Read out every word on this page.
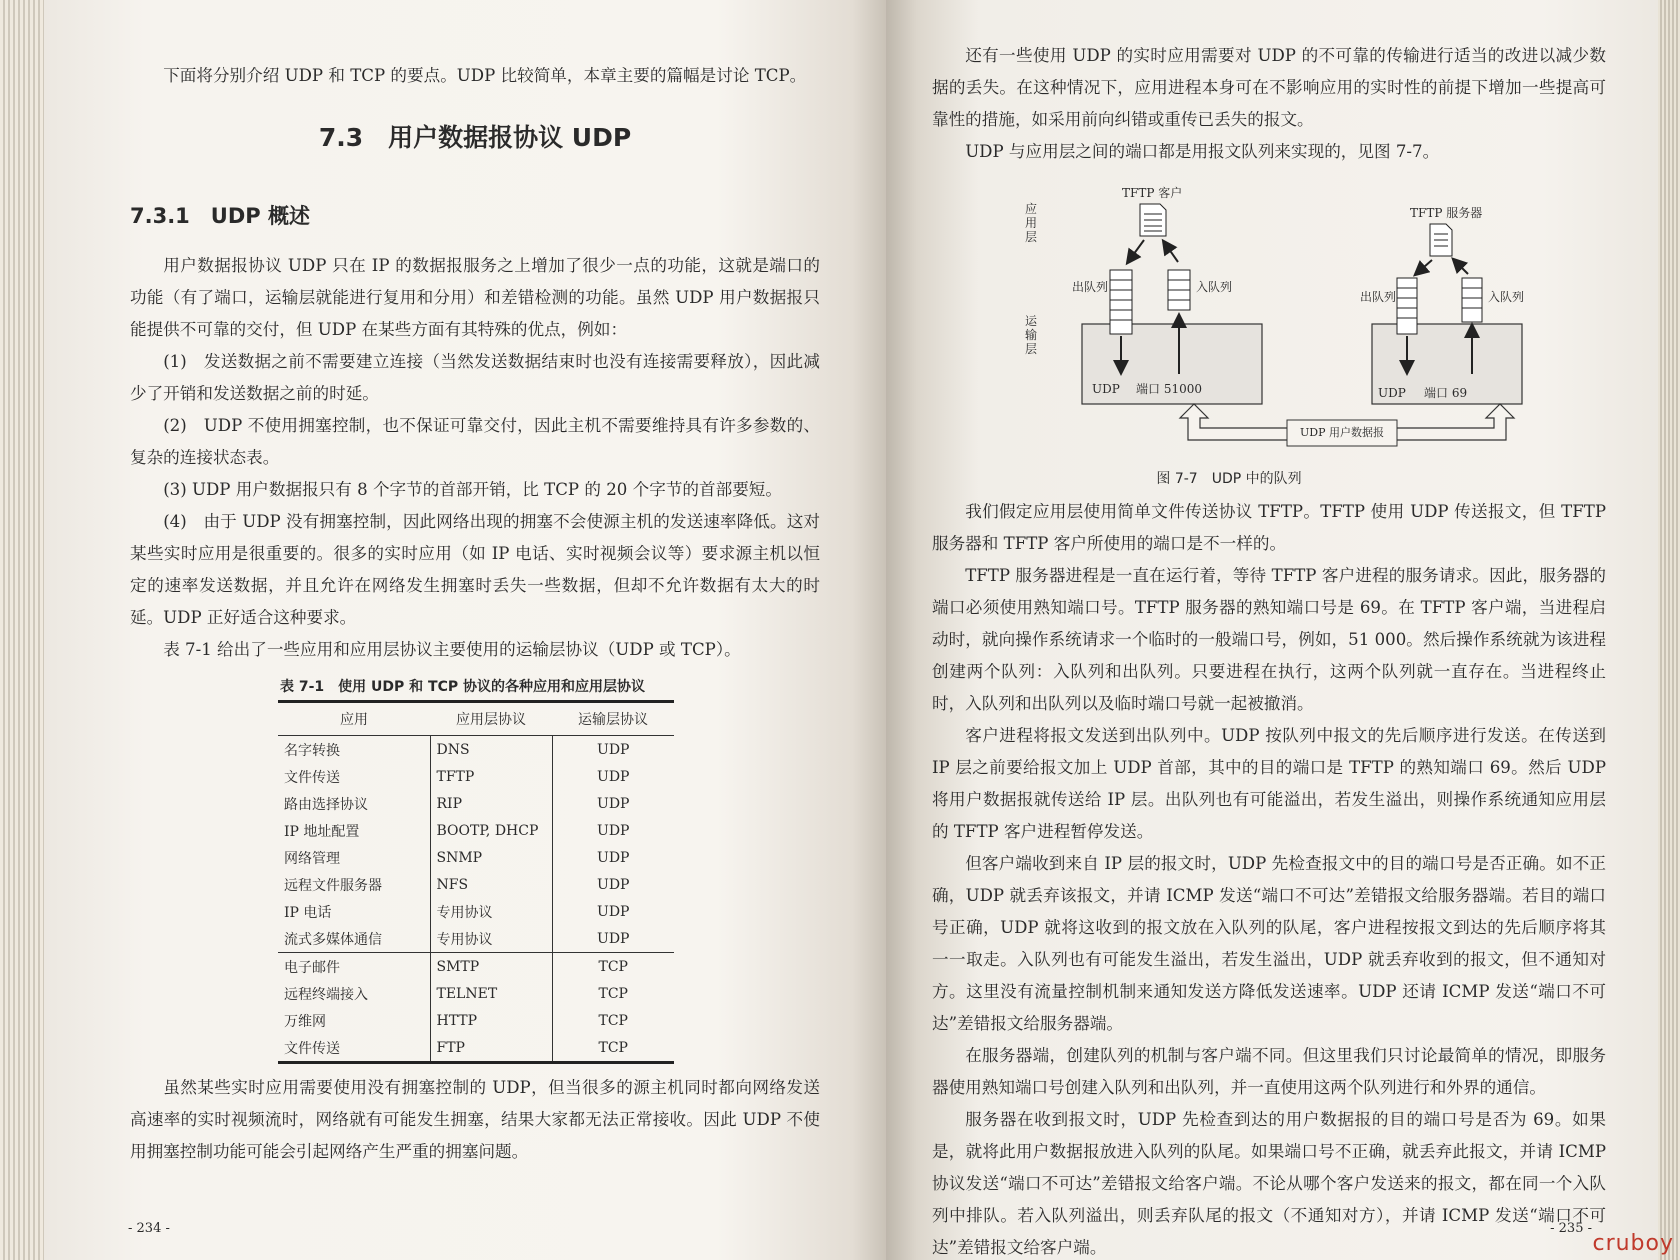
下面将分别介绍 UDP 和 TCP 的要点。UDP 比较简单，本章主要的篇幅是讨论 TCP。

7.3　用户数据报协议 UDP
7.3.1　UDP 概述

用户数据报协议 UDP 只在 IP 的数据报服务之上增加了很少一点的功能，这就是端口的功能（有了端口，运输层就能进行复用和分用）和差错检测的功能。虽然 UDP 用户数据报只能提供不可靠的交付，但 UDP 在某些方面有其特殊的优点，例如：

(1)　发送数据之前不需要建立连接（当然发送数据结束时也没有连接需要释放），因此减少了开销和发送数据之前的时延。

(2)　UDP 不使用拥塞控制，也不保证可靠交付，因此主机不需要维持具有许多参数的、复杂的连接状态表。

(3) UDP 用户数据报只有 8 个字节的首部开销，比 TCP 的 20 个字节的首部要短。

(4)　由于 UDP 没有拥塞控制，因此网络出现的拥塞不会使源主机的发送速率降低。这对某些实时应用是很重要的。很多的实时应用（如 IP 电话、实时视频会议等）要求源主机以恒定的速率发送数据，并且允许在网络发生拥塞时丢失一些数据，但却不允许数据有太大的时延。UDP 正好适合这种要求。

表 7-1 给出了一些应用和应用层协议主要使用的运输层协议（UDP 或 TCP）。

表 7-1　使用 UDP 和 TCP 协议的各种应用和应用层协议
应用	应用层协议	运输层协议
名字转换	DNS	UDP
文件传送	TFTP	UDP
路由选择协议	RIP	UDP
IP 地址配置	BOOTP, DHCP	UDP
网络管理	SNMP	UDP
远程文件服务器	NFS	UDP
IP 电话	专用协议	UDP
流式多媒体通信	专用协议	UDP
电子邮件	SMTP	TCP
远程终端接入	TELNET	TCP
万维网	HTTP	TCP
文件传送	FTP	TCP

虽然某些实时应用需要使用没有拥塞控制的 UDP，但当很多的源主机同时都向网络发送高速率的实时视频流时，网络就有可能发生拥塞，结果大家都无法正常接收。因此 UDP 不使用拥塞控制功能可能会引起网络产生严重的拥塞问题。

- 234 -

还有一些使用 UDP 的实时应用需要对 UDP 的不可靠的传输进行适当的改进以减少数据的丢失。在这种情况下，应用进程本身可在不影响应用的实时性的前提下增加一些提高可靠性的措施，如采用前向纠错或重传已丢失的报文。

UDP 与应用层之间的端口都是用报文队列来实现的，见图 7-7。

应用层
运输层
TFTP 客户
TFTP 服务器
出队列	入队列
出队列	入队列
UDP 端口 51000	UDP 端口 69
UDP 用户数据报
图 7-7　UDP 中的队列

我们假定应用层使用简单文件传送协议 TFTP。TFTP 使用 UDP 传送报文，但 TFTP 服务器和 TFTP 客户所使用的端口是不一样的。

TFTP 服务器进程是一直在运行着，等待 TFTP 客户进程的服务请求。因此，服务器的端口必须使用熟知端口号。TFTP 服务器的熟知端口号是 69。在 TFTP 客户端，当进程启动时，就向操作系统请求一个临时的一般端口号，例如，51 000。然后操作系统就为该进程创建两个队列：入队列和出队列。只要进程在执行，这两个队列就一直存在。当进程终止时，入队列和出队列以及临时端口号就一起被撤消。

客户进程将报文发送到出队列中。UDP 按队列中报文的先后顺序进行发送。在传送到 IP 层之前要给报文加上 UDP 首部，其中的目的端口是 TFTP 的熟知端口 69。然后 UDP 将用户数据报就传送给 IP 层。出队列也有可能溢出，若发生溢出，则操作系统通知应用层的 TFTP 客户进程暂停发送。

但客户端收到来自 IP 层的报文时，UDP 先检查报文中的目的端口号是否正确。如不正确，UDP 就丢弃该报文，并请 ICMP 发送“端口不可达”差错报文给服务器端。若目的端口号正确，UDP 就将这收到的报文放在入队列的队尾，客户进程按报文到达的先后顺序将其一一取走。入队列也有可能发生溢出，若发生溢出，UDP 就丢弃收到的报文，但不通知对方。这里没有流量控制机制来通知发送方降低发送速率。UDP 还请 ICMP 发送“端口不可达”差错报文给服务器端。

在服务器端，创建队列的机制与客户端不同。但这里我们只讨论最简单的情况，即服务器使用熟知端口号创建入队列和出队列，并一直使用这两个队列进行和外界的通信。

服务器在收到报文时，UDP 先检查到达的用户数据报的目的端口号是否为 69。如果是，就将此用户数据报放进入队列的队尾。如果端口号不正确，就丢弃此报文，并请 ICMP 协议发送“端口不可达”差错报文给客户端。不论从哪个客户发送来的报文，都在同一个入队列中排队。若入队列溢出，则丢弃队尾的报文（不通知对方），并请 ICMP 发送“端口不可达”差错报文给客户端。

- 235 -
cruboy
